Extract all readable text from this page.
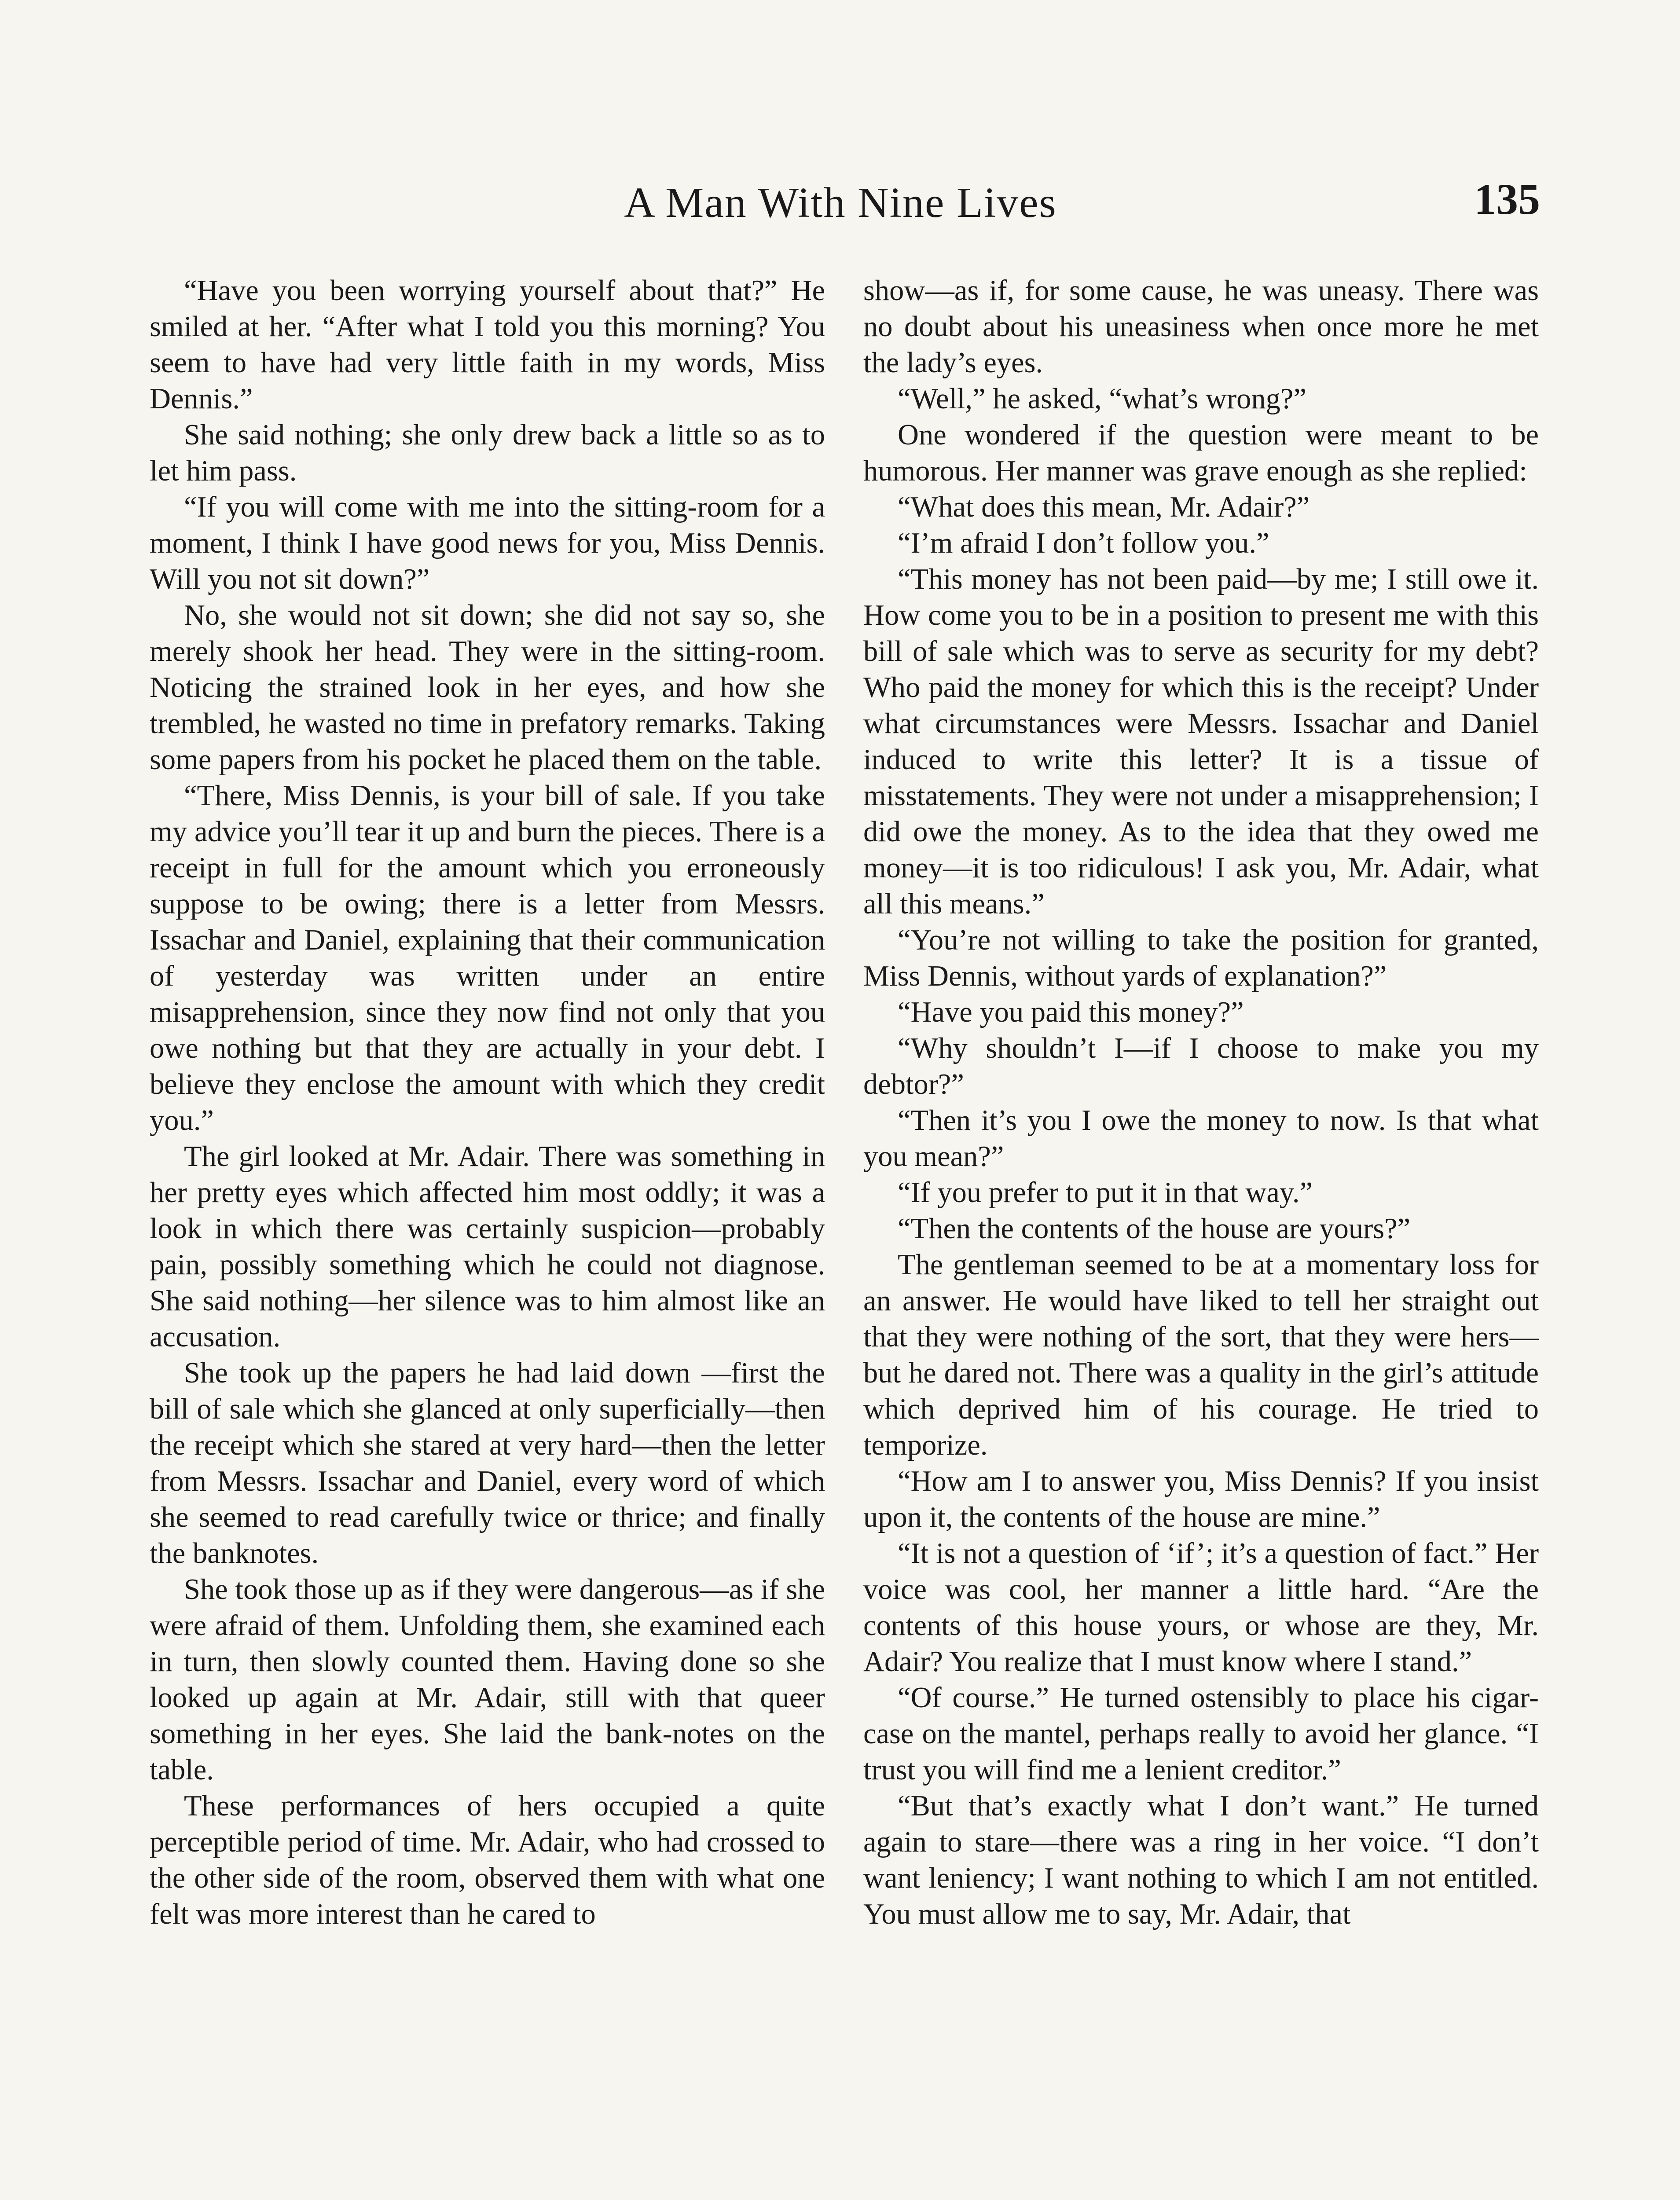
A Man With Nine Lives	135

“Have you been worrying yourself about that?” He smiled at her. “After what I told you this morning? You seem to have had very little faith in my words, Miss Dennis.”

She said nothing; she only drew back a little so as to let him pass.

“If you will come with me into the sitting-room for a moment, I think I have good news for you, Miss Dennis. Will you not sit down?”

No, she would not sit down; she did not say so, she merely shook her head. They were in the sitting-room. Noticing the strained look in her eyes, and how she trembled, he wasted no time in prefatory remarks. Taking some papers from his pocket he placed them on the table.

“There, Miss Dennis, is your bill of sale. If you take my advice you’ll tear it up and burn the pieces. There is a receipt in full for the amount which you erroneously suppose to be owing; there is a letter from Messrs. Issachar and Daniel, explaining that their communication of yesterday was written under an entire misapprehension, since they now find not only that you owe nothing but that they are actually in your debt. I believe they enclose the amount with which they credit you.”

The girl looked at Mr. Adair. There was something in her pretty eyes which affected him most oddly; it was a look in which there was certainly suspicion—probably pain, possibly something which he could not diagnose. She said nothing—her silence was to him almost like an accusation.

She took up the papers he had laid down —first the bill of sale which she glanced at only superficially—then the receipt which she stared at very hard—then the letter from Messrs. Issachar and Daniel, every word of which she seemed to read carefully twice or thrice; and finally the banknotes.

She took those up as if they were dangerous—as if she were afraid of them. Unfolding them, she examined each in turn, then slowly counted them. Having done so she looked up again at Mr. Adair, still with that queer something in her eyes. She laid the bank-notes on the table.

These performances of hers occupied a quite perceptible period of time. Mr. Adair, who had crossed to the other side of the room, observed them with what one felt was more interest than he cared to

show—as if, for some cause, he was uneasy. There was no doubt about his uneasiness when once more he met the lady’s eyes.

“Well,” he asked, “what’s wrong?”

One wondered if the question were meant to be humorous. Her manner was grave enough as she replied:

“What does this mean, Mr. Adair?”

“I’m afraid I don’t follow you.”

“This money has not been paid—by me; I still owe it. How come you to be in a position to present me with this bill of sale which was to serve as security for my debt? Who paid the money for which this is the receipt? Under what circumstances were Messrs. Issachar and Daniel induced to write this letter? It is a tissue of misstatements. They were not under a misapprehension; I did owe the money. As to the idea that they owed me money—it is too ridiculous! I ask you, Mr. Adair, what all this means.”

“You’re not willing to take the position for granted, Miss Dennis, without yards of explanation?”

“Have you paid this money?”

“Why shouldn’t I—if I choose to make you my debtor?”

“Then it’s you I owe the money to now. Is that what you mean?”

“If you prefer to put it in that way.”

“Then the contents of the house are yours?”

The gentleman seemed to be at a momentary loss for an answer. He would have liked to tell her straight out that they were nothing of the sort, that they were hers—but he dared not. There was a quality in the girl’s attitude which deprived him of his courage. He tried to temporize.

“How am I to answer you, Miss Dennis? If you insist upon it, the contents of the house are mine.”

“It is not a question of ‘if’; it’s a question of fact.” Her voice was cool, her manner a little hard. “Are the contents of this house yours, or whose are they, Mr. Adair? You realize that I must know where I stand.”

“Of course.” He turned ostensibly to place his cigar-case on the mantel, perhaps really to avoid her glance. “I trust you will find me a lenient creditor.”

“But that’s exactly what I don’t want.” He turned again to stare—there was a ring in her voice. “I don’t want leniency; I want nothing to which I am not entitled. You must allow me to say, Mr. Adair, that
